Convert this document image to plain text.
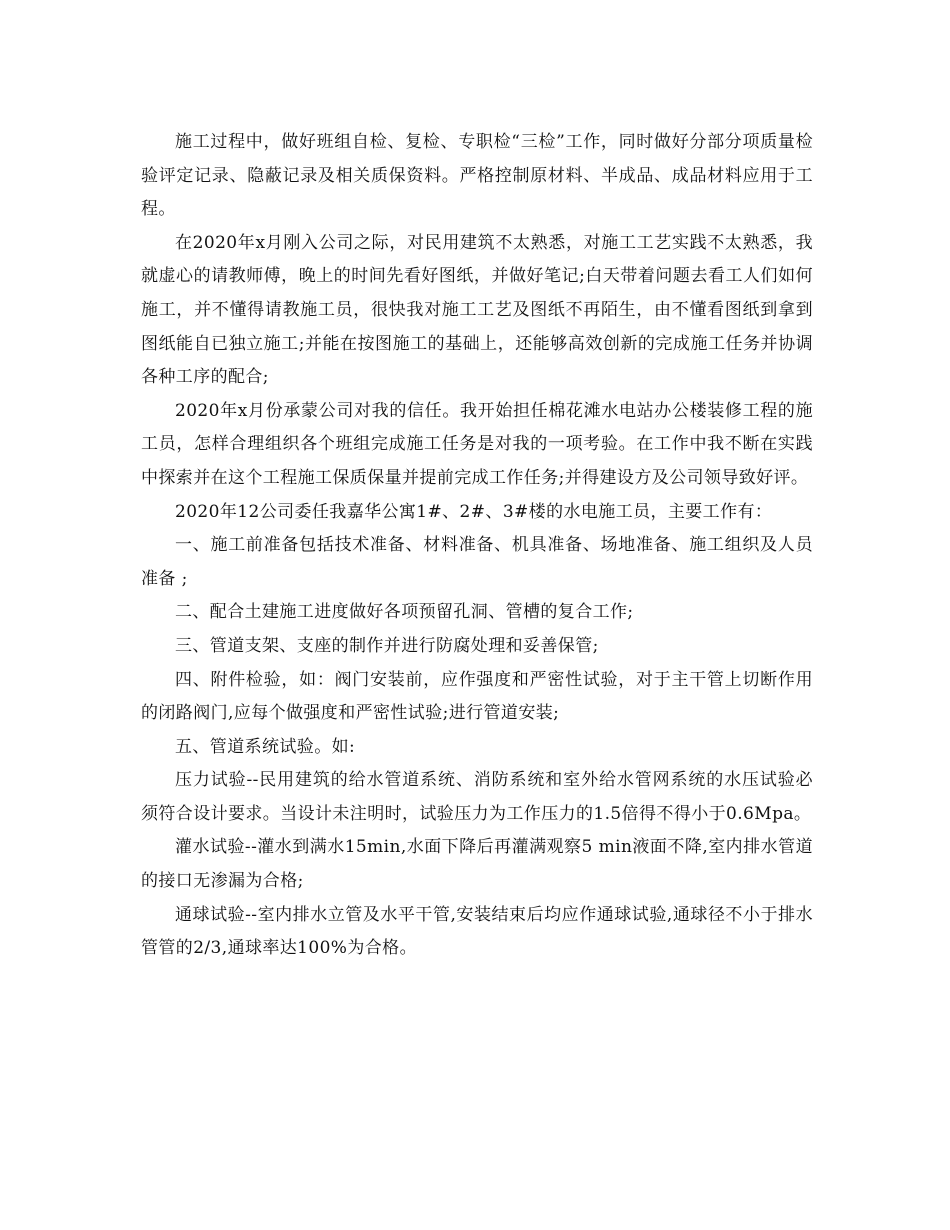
施工过程中，做好班组自检、复检、专职检“三检”工作，同时做好分部分项质量检验评定记录、隐蔽记录及相关质保资料。严格控制原材料、半成品、成品材料应用于工程。

在2020年x月刚入公司之际，对民用建筑不太熟悉，对施工工艺实践不太熟悉，我就虚心的请教师傅，晚上的时间先看好图纸，并做好笔记;白天带着问题去看工人们如何施工，并不懂得请教施工员，很快我对施工工艺及图纸不再陌生，由不懂看图纸到拿到图纸能自已独立施工;并能在按图施工的基础上，还能够高效创新的完成施工任务并协调各种工序的配合;

2020年x月份承蒙公司对我的信任。我开始担任棉花滩水电站办公楼装修工程的施工员，怎样合理组织各个班组完成施工任务是对我的一项考验。在工作中我不断在实践中探索并在这个工程施工保质保量并提前完成工作任务;并得建设方及公司领导致好评。

2020年12公司委任我嘉华公寓1#、2#、3#楼的水电施工员，主要工作有：

一、施工前准备包括技术准备、材料准备、机具准备、场地准备、施工组织及人员准备 ;

二、配合土建施工进度做好各项预留孔洞、管槽的复合工作;

三、管道支架、支座的制作并进行防腐处理和妥善保管;

四、附件检验，如：阀门安装前，应作强度和严密性试验，对于主干管上切断作用的闭路阀门,应每个做强度和严密性试验;进行管道安装;

五、管道系统试验。如:

压力试验--民用建筑的给水管道系统、消防系统和室外给水管网系统的水压试验必须符合设计要求。当设计未注明时，试验压力为工作压力的1.5倍得不得小于0.6Mpa。

灌水试验--灌水到满水15min,水面下降后再灌满观察5 min液面不降,室内排水管道的接口无渗漏为合格;

通球试验--室内排水立管及水平干管,安装结束后均应作通球试验,通球径不小于排水管管的2/3,通球率达100%为合格。
